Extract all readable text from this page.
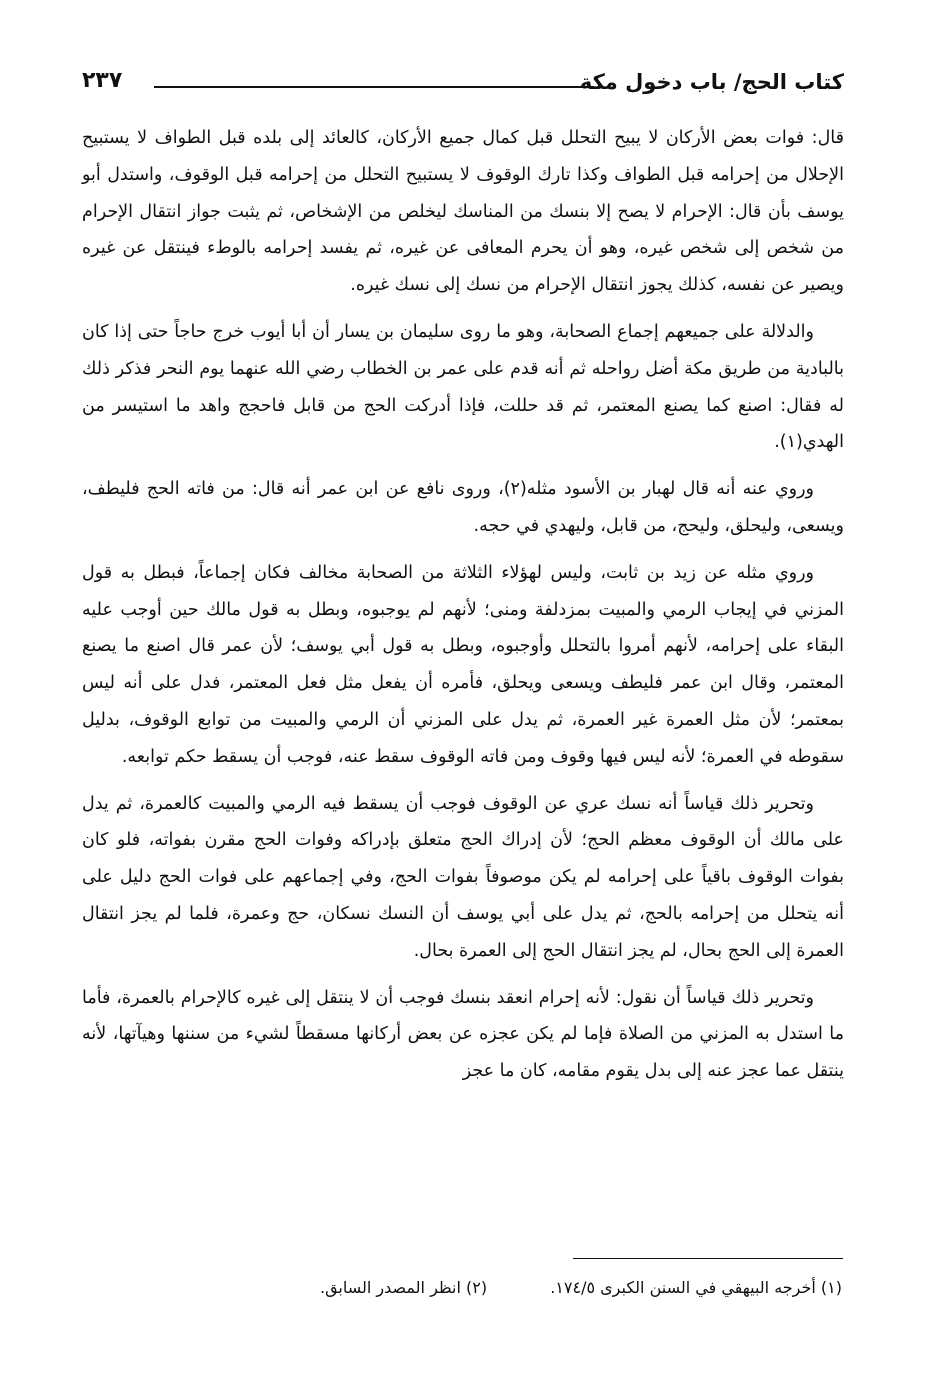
كتاب الحج/ باب دخول مكة
٢٣٧

قال: فوات بعض الأركان لا يبيح التحلل قبل كمال جميع الأركان، كالعائد إلى بلده قبل الطواف لا يستبيح الإحلال من إحرامه قبل الطواف وكذا تارك الوقوف لا يستبيح التحلل من إحرامه قبل الوقوف، واستدل أبو يوسف بأن قال: الإحرام لا يصح إلا بنسك من المناسك ليخلص من الإشخاص، ثم يثبت جواز انتقال الإحرام من شخص إلى شخص غيره، وهو أن يحرم المعافى عن غيره، ثم يفسد إحرامه بالوطء فينتقل عن غيره ويصير عن نفسه، كذلك يجوز انتقال الإحرام من نسك إلى نسك غيره.

والدلالة على جميعهم إجماع الصحابة، وهو ما روى سليمان بن يسار أن أبا أيوب خرج حاجاً حتى إذا كان بالبادية من طريق مكة أضل رواحله ثم أنه قدم على عمر بن الخطاب رضي الله عنهما يوم النحر فذكر ذلك له فقال: اصنع كما يصنع المعتمر، ثم قد حللت، فإذا أدركت الحج من قابل فاحجج واهد ما استيسر من الهدي(١).

وروي عنه أنه قال لهبار بن الأسود مثله(٢)، وروى نافع عن ابن عمر أنه قال: من فاته الحج فليطف، ويسعى، وليحلق، وليحج، من قابل، وليهدي في حجه.

وروي مثله عن زيد بن ثابت، وليس لهؤلاء الثلاثة من الصحابة مخالف فكان إجماعاً، فبطل به قول المزني في إيجاب الرمي والمبيت بمزدلفة ومنى؛ لأنهم لم يوجبوه، وبطل به قول مالك حين أوجب عليه البقاء على إحرامه، لأنهم أمروا بالتحلل وأوجبوه، وبطل به قول أبي يوسف؛ لأن عمر قال اصنع ما يصنع المعتمر، وقال ابن عمر فليطف ويسعى ويحلق، فأمره أن يفعل مثل فعل المعتمر، فدل على أنه ليس بمعتمر؛ لأن مثل العمرة غير العمرة، ثم يدل على المزني أن الرمي والمبيت من توابع الوقوف، بدليل سقوطه في العمرة؛ لأنه ليس فيها وقوف ومن فاته الوقوف سقط عنه، فوجب أن يسقط حكم توابعه.

وتحرير ذلك قياساً أنه نسك عري عن الوقوف فوجب أن يسقط فيه الرمي والمبيت كالعمرة، ثم يدل على مالك أن الوقوف معظم الحج؛ لأن إدراك الحج متعلق بإدراكه وفوات الحج مقرن بفواته، فلو كان بفوات الوقوف باقياً على إحرامه لم يكن موصوفاً بفوات الحج، وفي إجماعهم على فوات الحج دليل على أنه يتحلل من إحرامه بالحج، ثم يدل على أبي يوسف أن النسك نسكان، حج وعمرة، فلما لم يجز انتقال العمرة إلى الحج بحال، لم يجز انتقال الحج إلى العمرة بحال.

وتحرير ذلك قياساً أن نقول: لأنه إحرام انعقد بنسك فوجب أن لا ينتقل إلى غيره كالإحرام بالعمرة، فأما ما استدل به المزني من الصلاة فإما لم يكن عجزه عن بعض أركانها مسقطاً لشيء من سننها وهيآتها، لأنه ينتقل عما عجز عنه إلى بدل يقوم مقامه، كان ما عجز

(١) أخرجه البيهقي في السنن الكبرى ١٧٤/٥. (٢) انظر المصدر السابق.
